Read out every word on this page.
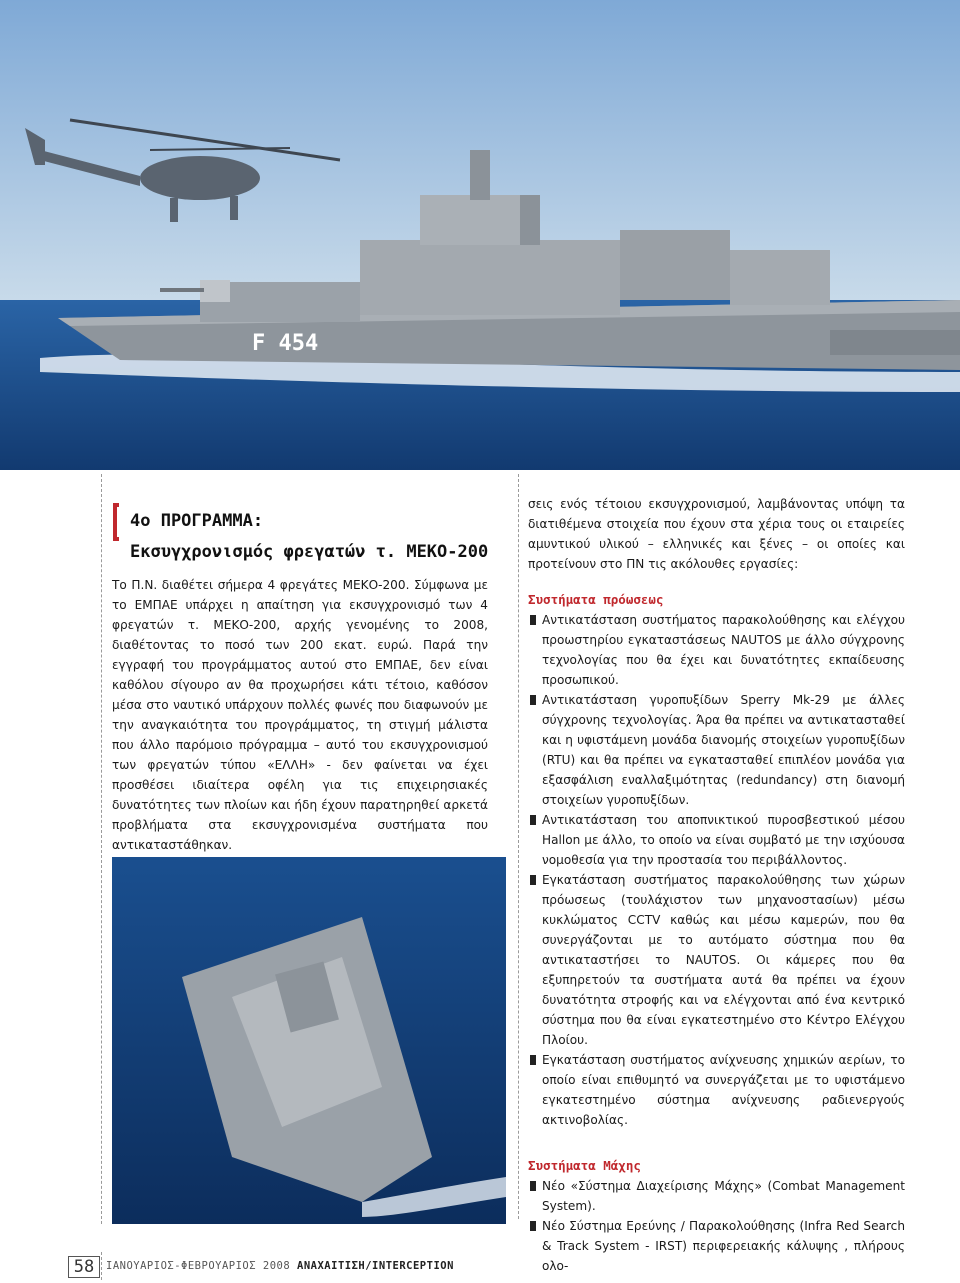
F 454
4ο ΠΡΟΓΡΑΜΜΑ:
Εκσυγχρονισμός φρεγατών τ. ΜΕΚΟ-200

Το Π.Ν. διαθέτει σήμερα 4 φρεγάτες ΜΕΚΟ-200. Σύμφωνα με το ΕΜΠΑΕ υπάρχει η απαίτηση για εκσυγχρονισμό των 4 φρεγατών τ. ΜΕΚΟ-200, αρχής γενομένης το 2008, διαθέτοντας το ποσό των 200 εκατ. ευρώ. Παρά την εγγραφή του προγράμματος αυτού στο ΕΜΠΑΕ, δεν είναι καθόλου σίγουρο αν θα προχωρήσει κάτι τέτοιο, καθόσον μέσα στο ναυτικό υπάρχουν πολλές φωνές που διαφωνούν με την αναγκαιότητα του προγράμματος, τη στιγμή μάλιστα που άλλο παρόμοιο πρόγραμμα – αυτό του εκσυγχρονισμού των φρεγατών τύπου «ΕΛΛΗ» - δεν φαίνεται να έχει προσθέσει ιδιαίτερα οφέλη για τις επιχειρησιακές δυνατότητες των πλοίων και ήδη έχουν παρατηρηθεί αρκετά προβλήματα στα εκσυγχρονισμένα συστήματα που αντικαταστάθηκαν.

σεις ενός τέτοιου εκσυγχρονισμού, λαμβάνοντας υπόψη τα διατιθέμενα στοιχεία που έχουν στα χέρια τους οι εταιρείες αμυντικού υλικού – ελληνικές και ξένες – οι οποίες και προτείνουν στο ΠΝ τις ακόλουθες εργασίες:

Συστήματα πρόωσεως

Αντικατάσταση συστήματος παρακολούθησης και ελέγχου προωστηρίου εγκαταστάσεως NAUTOS με άλλο σύγχρονης τεχνολογίας που θα έχει και δυνατότητες εκπαίδευσης προσωπικού.
Αντικατάσταση γυροπυξίδων Sperry Mk-29 με άλλες σύγχρονης τεχνολογίας. Άρα θα πρέπει να αντικατασταθεί και η υφιστάμενη μονάδα διανομής στοιχείων γυροπυξίδων (RTU) και θα πρέπει να εγκατασταθεί επιπλέον μονάδα για εξασφάλιση εναλλαξιμότητας (redundancy) στη διανομή στοιχείων γυροπυξίδων.
Αντικατάσταση του αποπνικτικού πυροσβεστικού μέσου Hallon με άλλο, το οποίο να είναι συμβατό με την ισχύουσα νομοθεσία για την προστασία του περιβάλλοντος.
Εγκατάσταση συστήματος παρακολούθησης των χώρων πρόωσεως (τουλάχιστον των μηχανοστασίων) μέσω κυκλώματος CCTV καθώς και μέσω καμερών, που θα συνεργάζονται με το αυτόματο σύστημα που θα αντικαταστήσει το NAUTOS. Οι κάμερες που θα εξυπηρετούν τα συστήματα αυτά θα πρέπει να έχουν δυνατότητα στροφής και να ελέγχονται από ένα κεντρικό σύστημα που θα είναι εγκατεστημένο στο Κέντρο Ελέγχου Πλοίου.
Εγκατάσταση συστήματος ανίχνευσης χημικών αερίων, το οποίο είναι επιθυμητό να συνεργάζεται με το υφιστάμενο εγκατεστημένο σύστημα ανίχνευσης ραδιενεργούς ακτινοβολίας.

Συστήματα Μάχης

Νέο «Σύστημα Διαχείρισης Μάχης» (Combat Management System).
Νέο Σύστημα Ερεύνης / Παρακολούθησης (Infra Red Search & Track System - IRST) περιφερειακής κάλυψης , πλήρους ολο-
58	ΙΑΝΟΥΑΡΙΟΣ-ΦΕΒΡΟΥΑΡΙΟΣ 2008 ΑΝΑΧΑΙΤΙΣΗ/INTERCEPTION
